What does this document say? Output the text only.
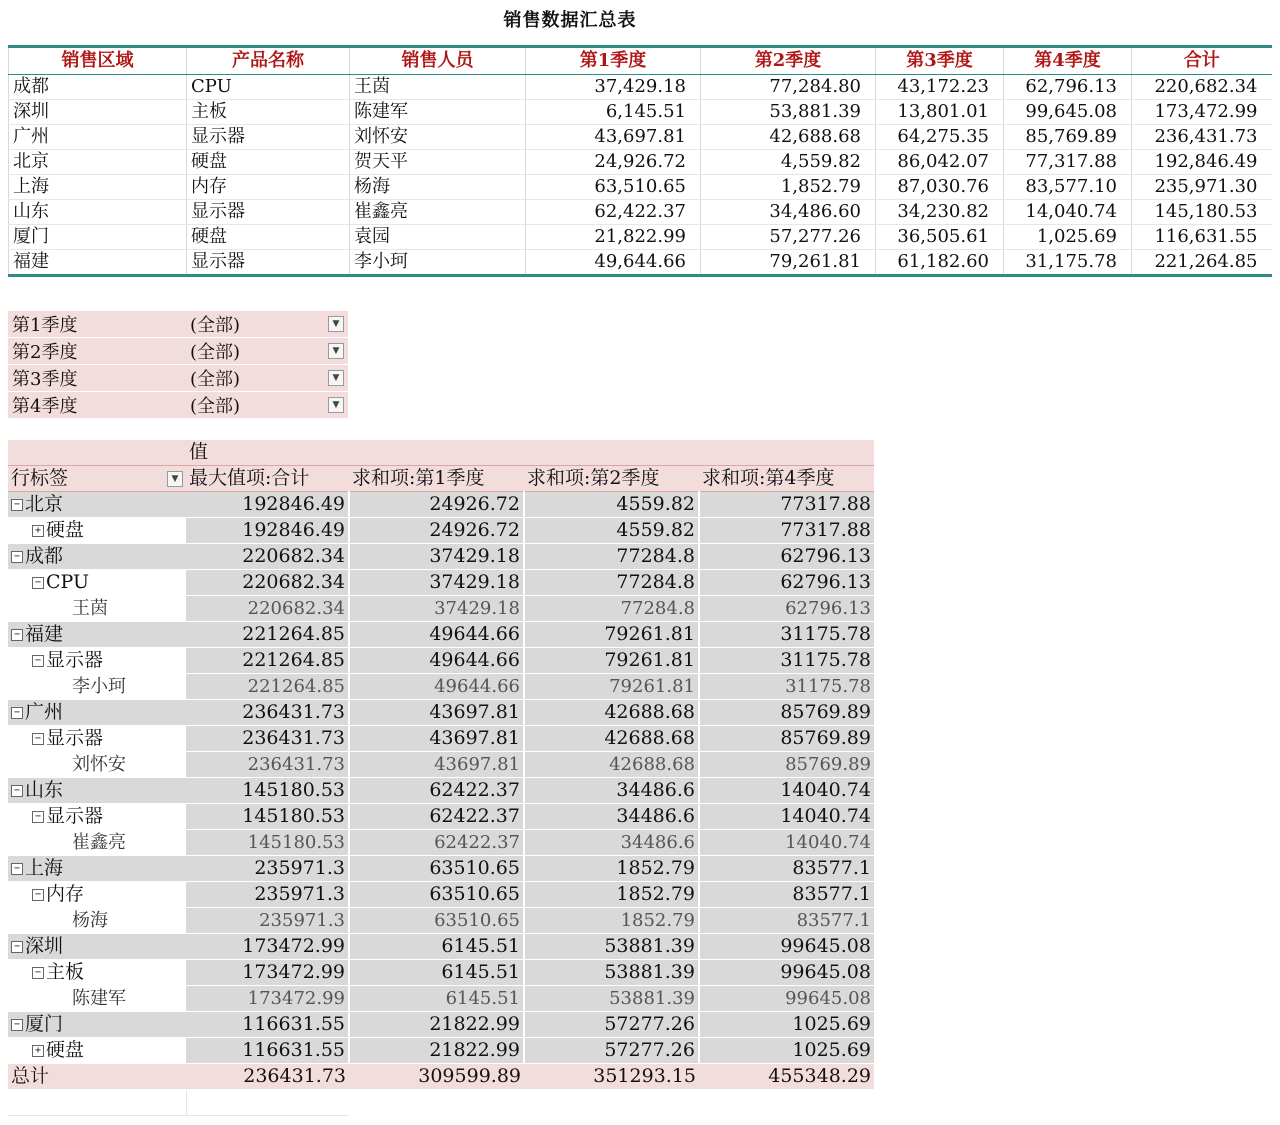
销售数据汇总表
销售区域	产品名称	销售人员	第1季度	第2季度	第3季度	第4季度	合计
成都	CPU	王茵	37,429.18	77,284.80	43,172.23	62,796.13	220,682.34
深圳	主板	陈建军	6,145.51	53,881.39	13,801.01	99,645.08	173,472.99
广州	显示器	刘怀安	43,697.81	42,688.68	64,275.35	85,769.89	236,431.73
北京	硬盘	贺天平	24,926.72	4,559.82	86,042.07	77,317.88	192,846.49
上海	内存	杨海	63,510.65	1,852.79	87,030.76	83,577.10	235,971.30
山东	显示器	崔鑫亮	62,422.37	34,486.60	34,230.82	14,040.74	145,180.53
厦门	硬盘	袁园	21,822.99	57,277.26	36,505.61	1,025.69	116,631.55
福建	显示器	李小珂	49,644.66	79,261.81	61,182.60	31,175.78	221,264.85
第1季度	(全部) ▼

第2季度	(全部) ▼

第3季度	(全部) ▼

第4季度	(全部) ▼
	值			
行标签 ▼	最大值项:合计	求和项:第1季度	求和项:第2季度	求和项:第4季度
− 北京	192846.49	24926.72	4559.82	77317.88
+ 硬盘	192846.49	24926.72	4559.82	77317.88
− 成都	220682.34	37429.18	77284.8	62796.13
− CPU	220682.34	37429.18	77284.8	62796.13
王茵	220682.34	37429.18	77284.8	62796.13
− 福建	221264.85	49644.66	79261.81	31175.78
− 显示器	221264.85	49644.66	79261.81	31175.78
李小珂	221264.85	49644.66	79261.81	31175.78
− 广州	236431.73	43697.81	42688.68	85769.89
− 显示器	236431.73	43697.81	42688.68	85769.89
刘怀安	236431.73	43697.81	42688.68	85769.89
− 山东	145180.53	62422.37	34486.6	14040.74
− 显示器	145180.53	62422.37	34486.6	14040.74
崔鑫亮	145180.53	62422.37	34486.6	14040.74
− 上海	235971.3	63510.65	1852.79	83577.1
− 内存	235971.3	63510.65	1852.79	83577.1
杨海	235971.3	63510.65	1852.79	83577.1
− 深圳	173472.99	6145.51	53881.39	99645.08
− 主板	173472.99	6145.51	53881.39	99645.08
陈建军	173472.99	6145.51	53881.39	99645.08
− 厦门	116631.55	21822.99	57277.26	1025.69
+ 硬盘	116631.55	21822.99	57277.26	1025.69
总计	236431.73	309599.89	351293.15	455348.29
